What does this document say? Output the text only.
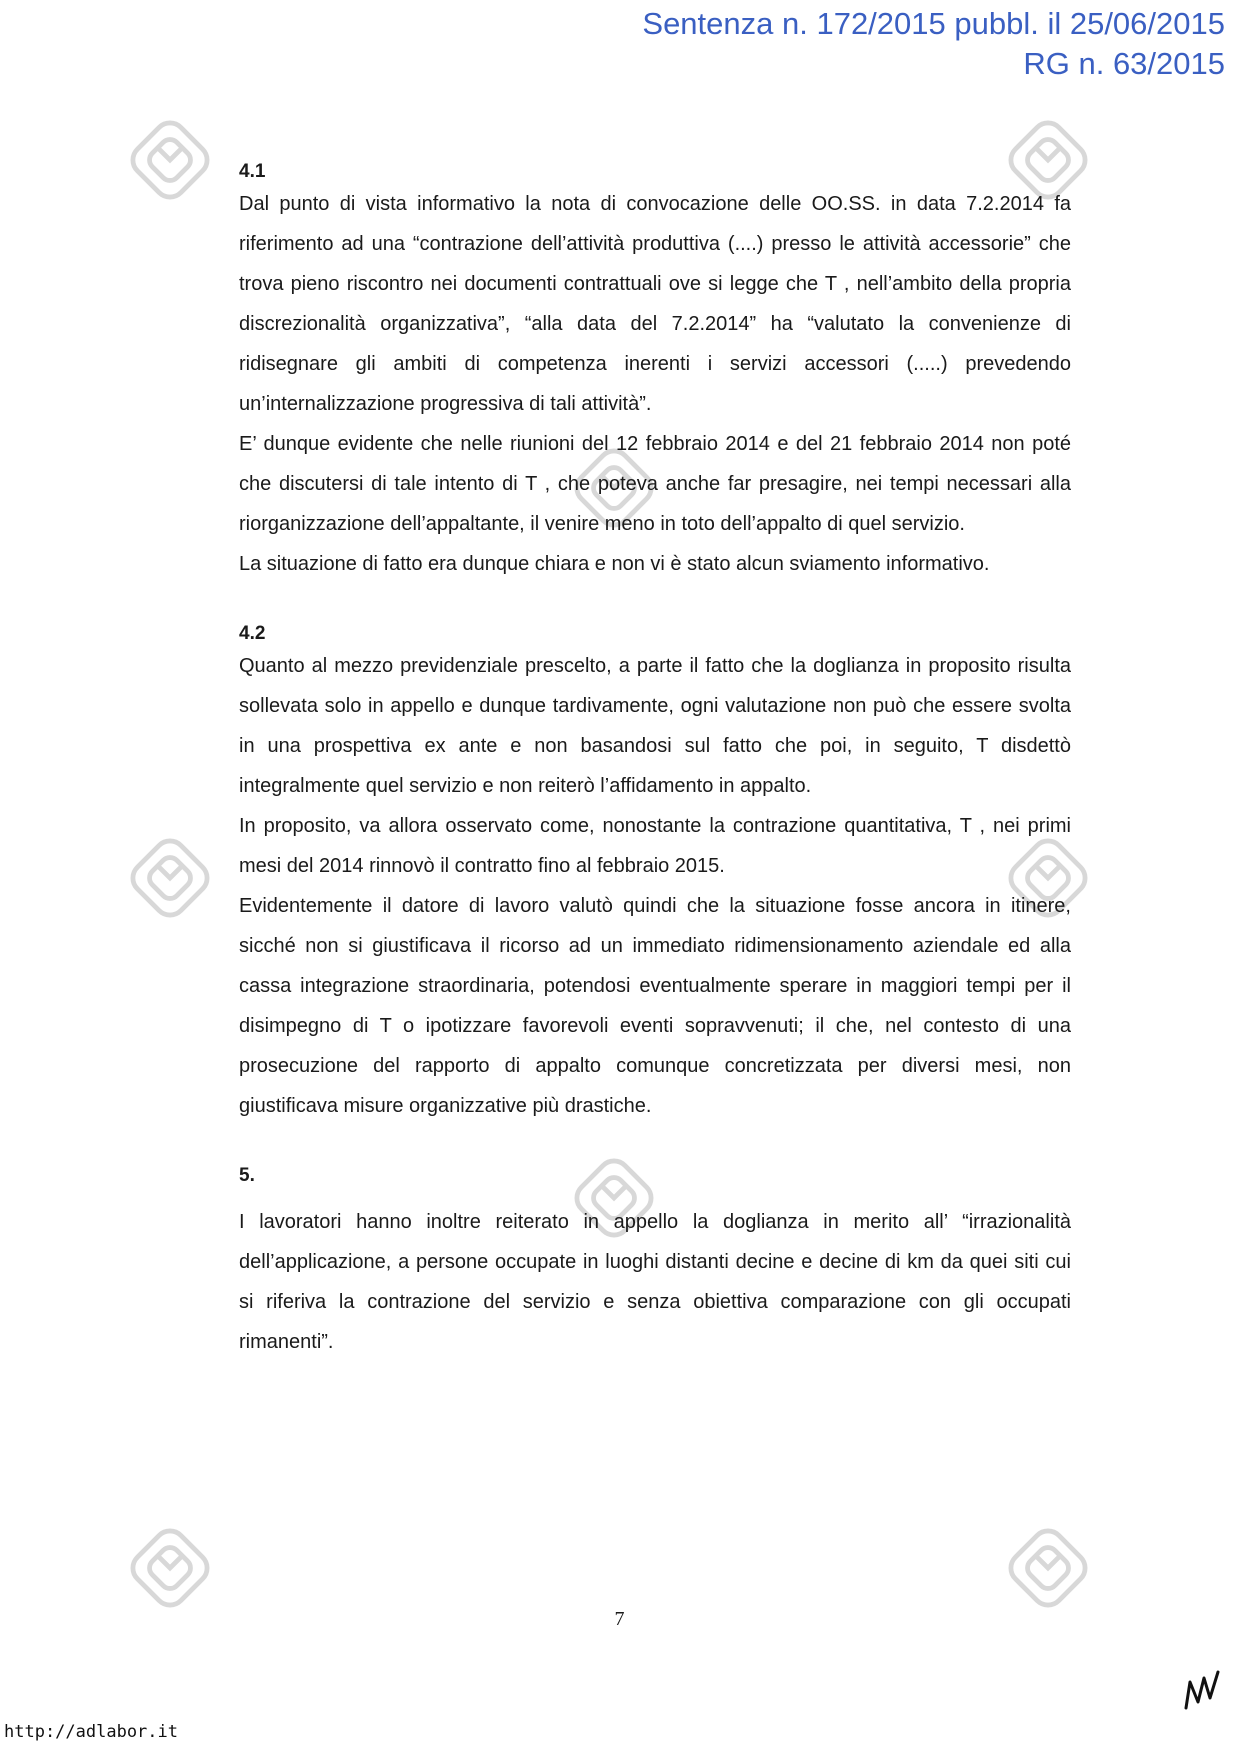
Sentenza n. 172/2015 pubbl. il 25/06/2015
RG n. 63/2015

4.1

Dal punto di vista informativo la nota di convocazione delle OO.SS. in data 7.2.2014 fa riferimento ad una “contrazione dell’attività produttiva (....) presso le attività accessorie” che trova pieno riscontro nei documenti contrattuali ove si legge che T , nell’ambito della propria discrezionalità organizzativa”, “alla data del 7.2.2014” ha “valutato la convenienze di ridisegnare gli ambiti di competenza inerenti i servizi accessori (.....) prevedendo un’internalizzazione progressiva di tali attività”.

E’ dunque evidente che nelle riunioni del 12 febbraio 2014 e del 21 febbraio 2014 non poté che discutersi di tale intento di T , che poteva anche far presagire, nei tempi necessari alla riorganizzazione dell’appaltante, il venire meno in toto dell’appalto di quel servizio.

La situazione di fatto era dunque chiara e non vi è stato alcun sviamento informativo.

4.2

Quanto al mezzo previdenziale prescelto, a parte il fatto che la doglianza in proposito risulta sollevata solo in appello e dunque tardivamente, ogni valutazione non può che essere svolta in una prospettiva ex ante e non basandosi sul fatto che poi, in seguito, T disdettò integralmente quel servizio e non reiterò l’affidamento in appalto.

In proposito, va allora osservato come, nonostante la contrazione quantitativa, T , nei primi mesi del 2014 rinnovò il contratto fino al febbraio 2015.

Evidentemente il datore di lavoro valutò quindi che la situazione fosse ancora in itinere, sicché non si giustificava il ricorso ad un immediato ridimensionamento aziendale ed alla cassa integrazione straordinaria, potendosi eventualmente sperare in maggiori tempi per il disimpegno di T o ipotizzare favorevoli eventi sopravvenuti; il che, nel contesto di una prosecuzione del rapporto di appalto comunque concretizzata per diversi mesi, non giustificava misure organizzative più drastiche.

5.

I lavoratori hanno inoltre reiterato in appello la doglianza in merito all’ “irrazionalità dell’applicazione, a persone occupate in luoghi distanti decine e decine di km da quei siti cui si riferiva la contrazione del servizio e senza obiettiva comparazione con gli occupati rimanenti”.

7
http://adlabor.it
